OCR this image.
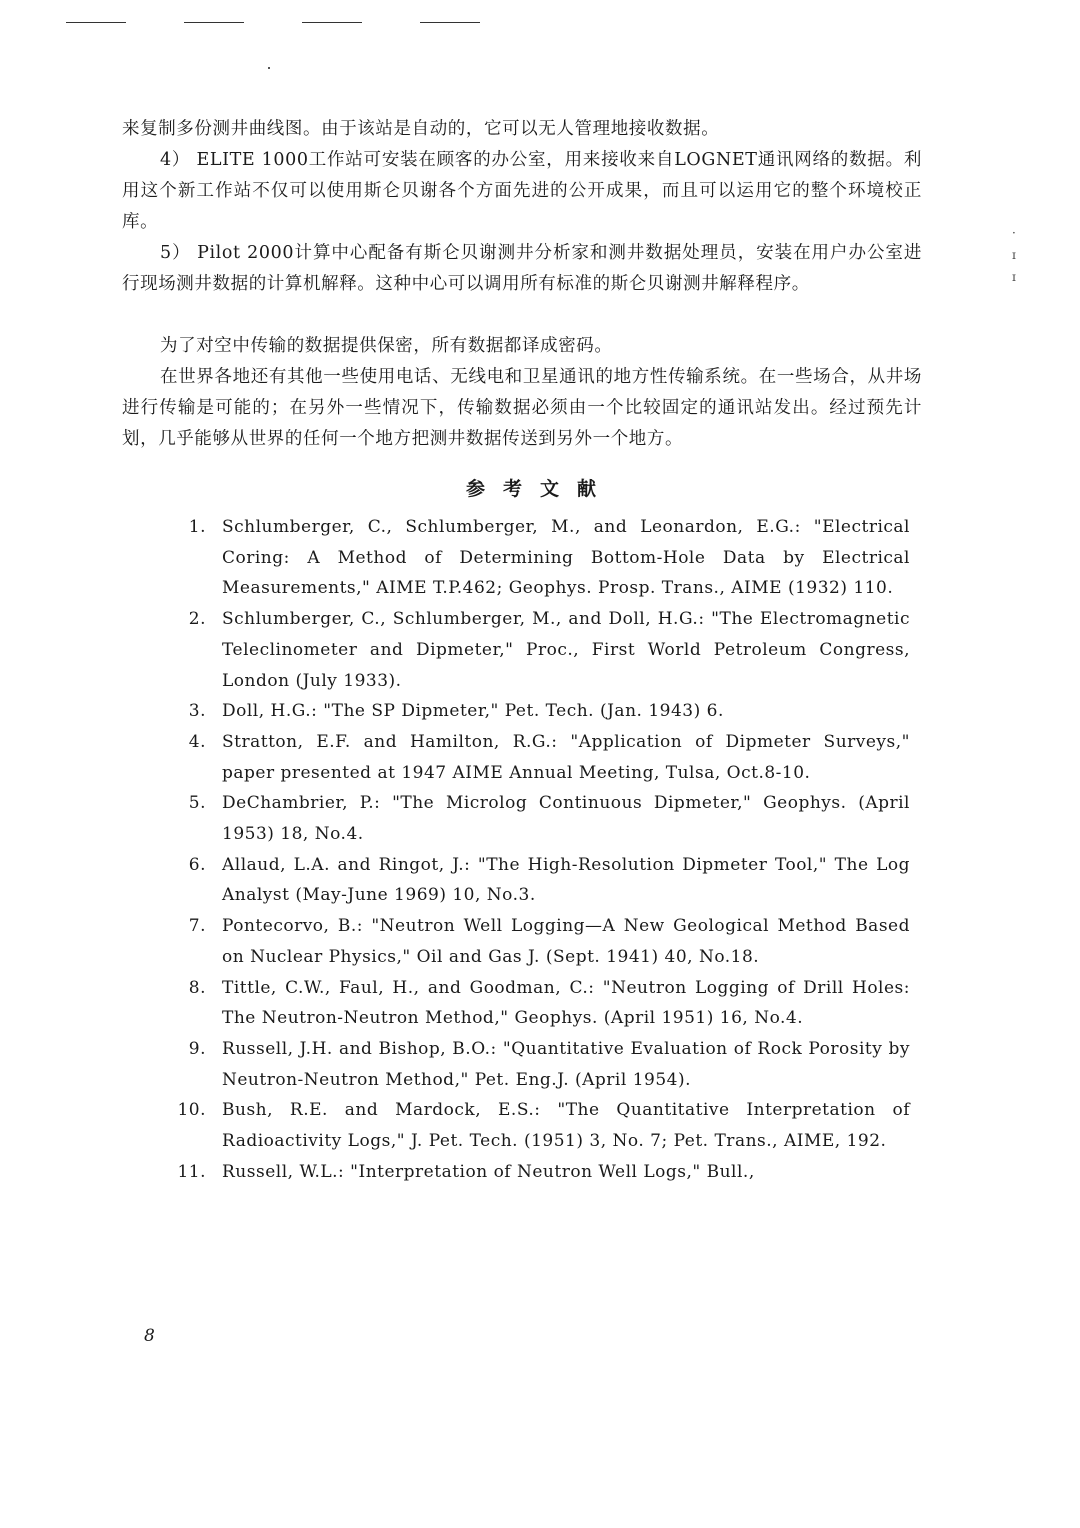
·
ɪ
ɪ

来复制多份测井曲线图。由于该站是自动的，它可以无人管理地接收数据。

4） ELITE 1000工作站可安装在顾客的办公室，用来接收来自LOGNET通讯网络的数据。利用这个新工作站不仅可以使用斯仑贝谢各个方面先进的公开成果，而且可以运用它的整个环境校正库。

5） Pilot 2000计算中心配备有斯仑贝谢测井分析家和测井数据处理员，安装在用户办公室进行现场测井数据的计算机解释。这种中心可以调用所有标准的斯仑贝谢测井解释程序。

为了对空中传输的数据提供保密，所有数据都译成密码。

在世界各地还有其他一些使用电话、无线电和卫星通讯的地方性传输系统。在一些场合，从井场进行传输是可能的；在另外一些情况下，传输数据必须由一个比较固定的通讯站发出。经过预先计划，几乎能够从世界的任何一个地方把测井数据传送到另外一个地方。

参考文献
1. Schlumberger, C., Schlumberger, M., and Leonardon, E.G.: "Electrical Coring: A Method of Determining Bottom-Hole Data by Electrical Measurements," AIME T.P.462; Geophys. Prosp. Trans., AIME (1932) 110.
2. Schlumberger, C., Schlumberger, M., and Doll, H.G.: "The Electromagnetic Teleclinometer and Dipmeter," Proc., First World Petroleum Congress, London (July 1933).
3. Doll, H.G.: "The SP Dipmeter," Pet. Tech. (Jan. 1943) 6.
4. Stratton, E.F. and Hamilton, R.G.: "Application of Dipmeter Surveys," paper presented at 1947 AIME Annual Meeting, Tulsa, Oct.8-10.
5. DeChambrier, P.: "The Microlog Continuous Dipmeter," Geophys. (April 1953) 18, No.4.
6. Allaud, L.A. and Ringot, J.: "The High-Resolution Dipmeter Tool," The Log Analyst (May-June 1969) 10, No.3.
7. Pontecorvo, B.: "Neutron Well Logging—A New Geological Method Based on Nuclear Physics," Oil and Gas J. (Sept. 1941) 40, No.18.
8. Tittle, C.W., Faul, H., and Goodman, C.: "Neutron Logging of Drill Holes: The Neutron-Neutron Method," Geophys. (April 1951) 16, No.4.
9. Russell, J.H. and Bishop, B.O.: "Quantitative Evaluation of Rock Porosity by Neutron-Neutron Method," Pet. Eng.J. (April 1954).
10. Bush, R.E. and Mardock, E.S.: "The Quantitative Interpretation of Radioactivity Logs," J. Pet. Tech. (1951) 3, No. 7; Pet. Trans., AIME, 192.
11. Russell, W.L.: "Interpretation of Neutron Well Logs," Bull.,
8
